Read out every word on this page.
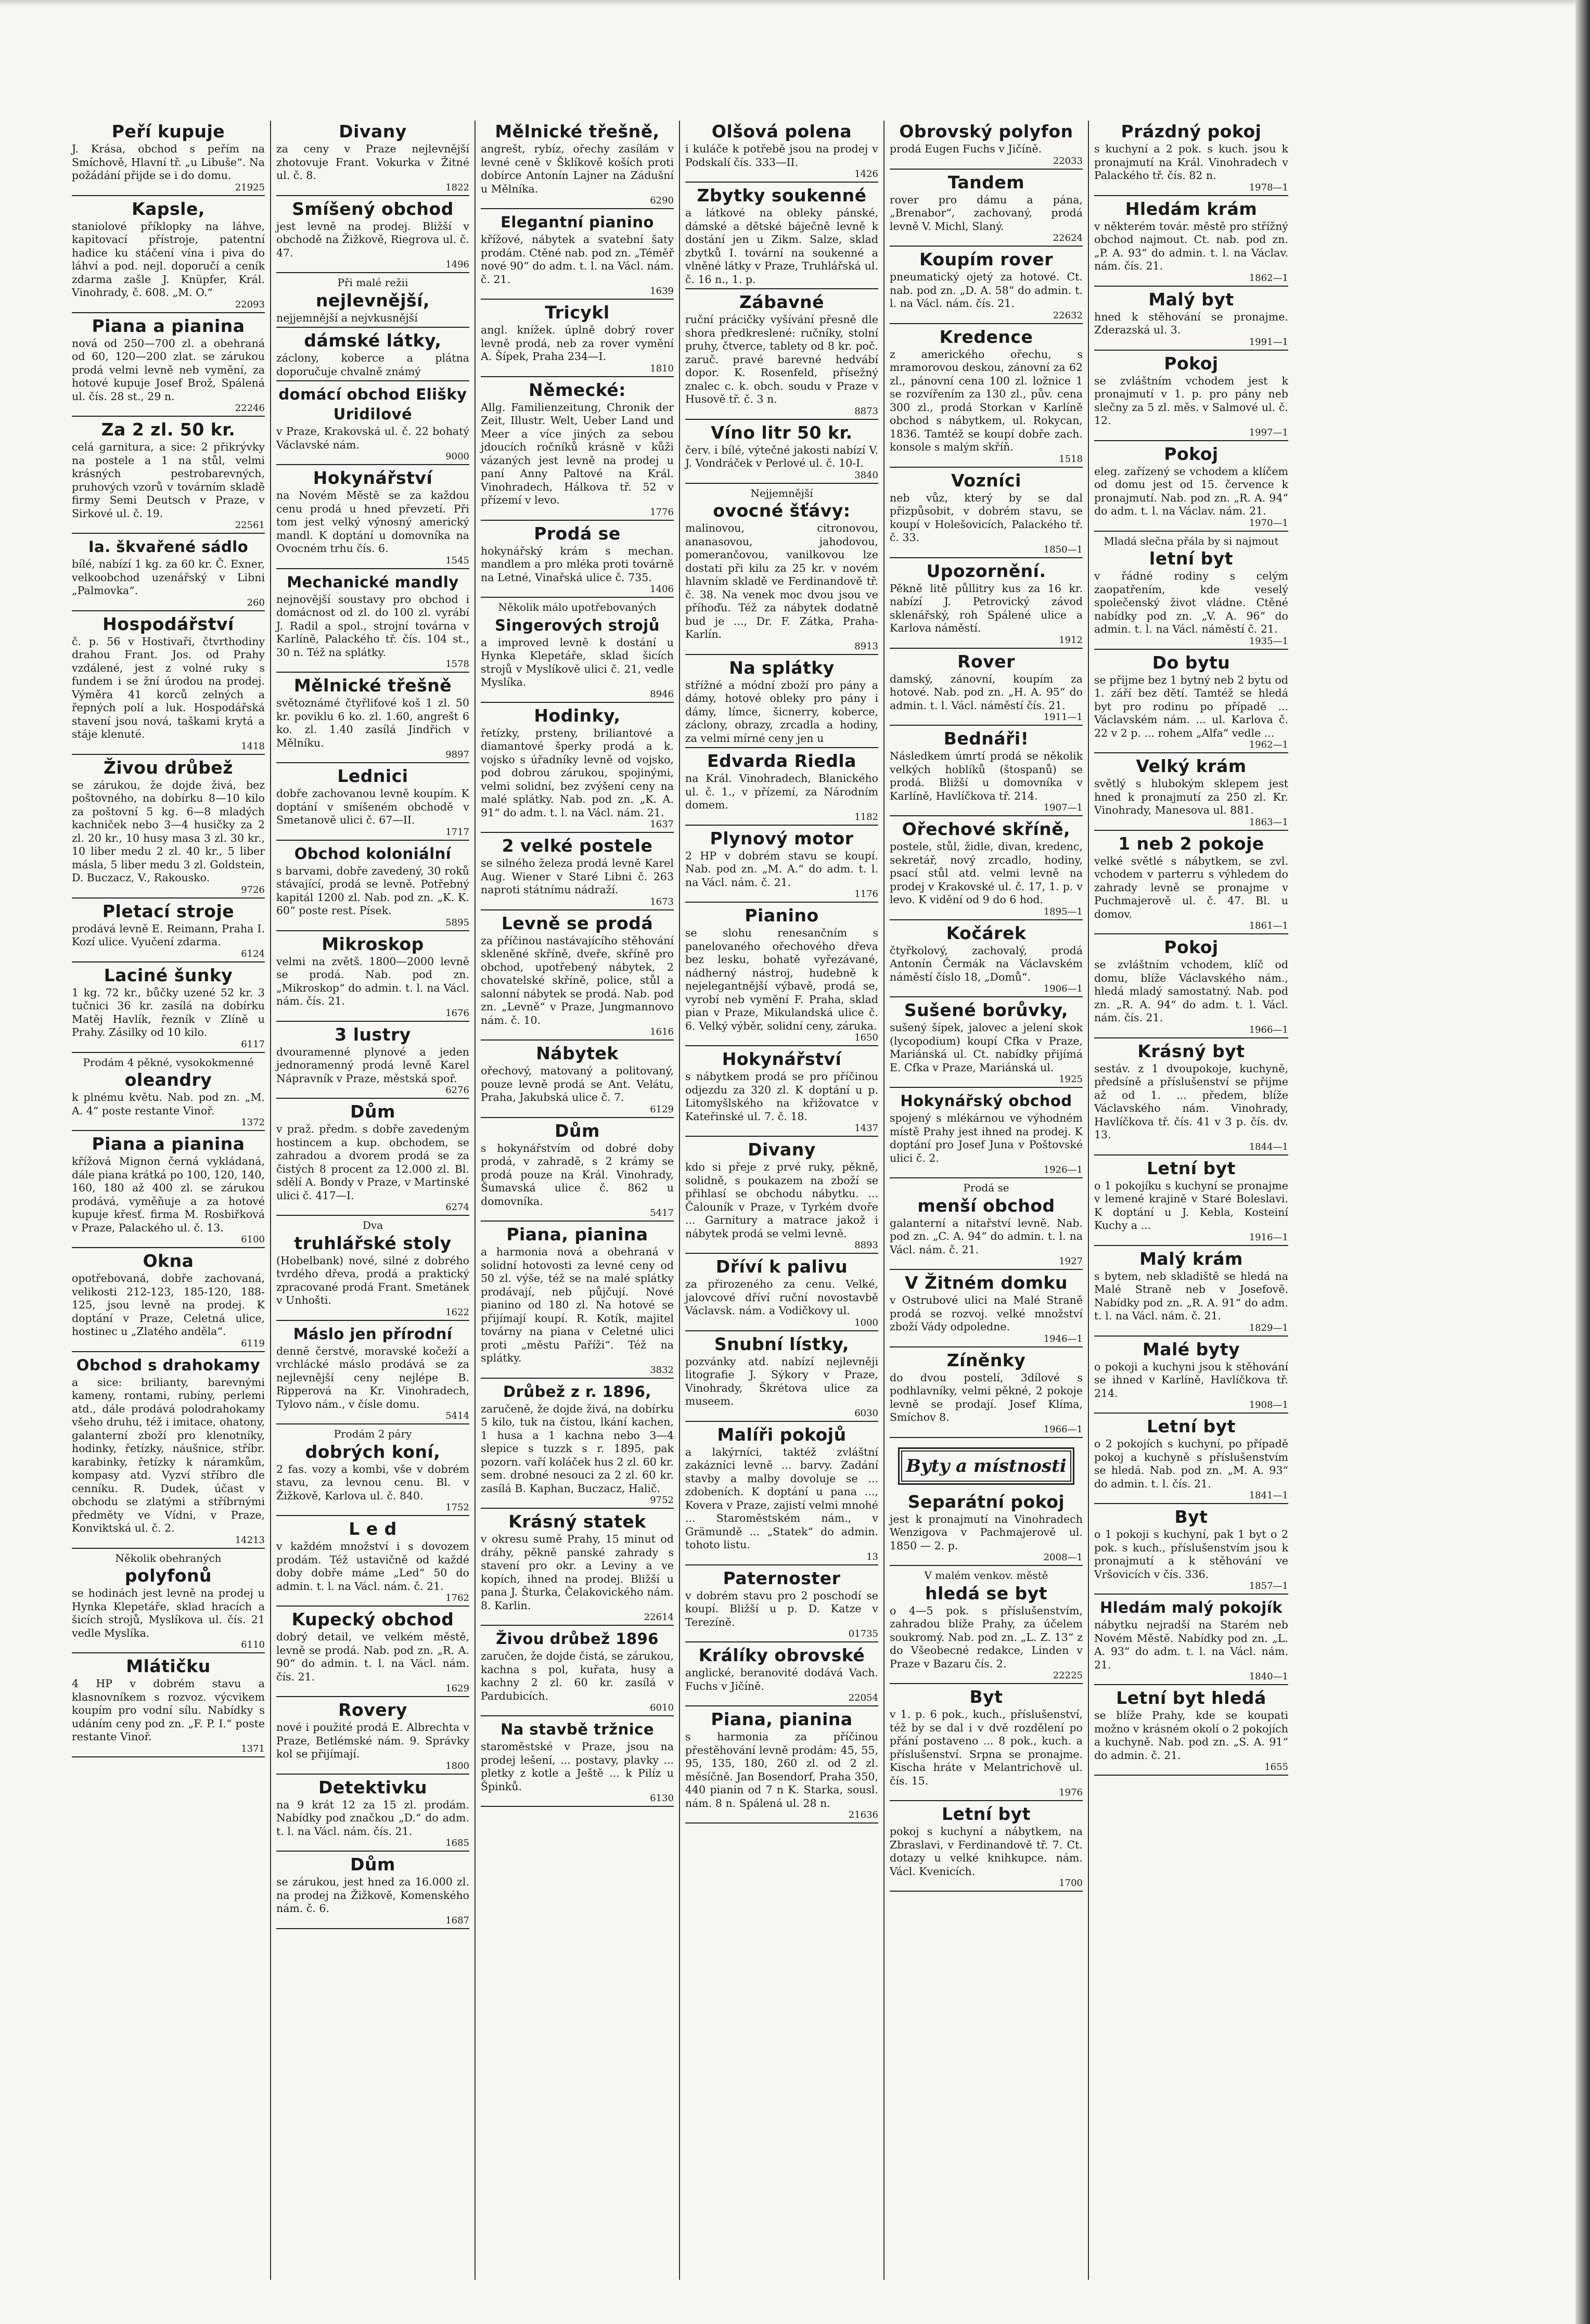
Peří kupuje
J. Krása, obchod s peřím na Smíchově, Hlavní tř. „u Libuše“. Na požádání přijde se i do domu.
21925
Kapsle,
staniolové příklopky na láhve, kapitovací přístroje, patentní hadice ku stáčení vína i piva do láhví a pod. nejl. doporučí a ceník zdarma zašle J. Knüpfer, Král. Vinohrady, č. 608. „M. O.“
22093
Piana a pianina
nová od 250—700 zl. a obehraná od 60, 120—200 zlat. se zárukou prodá velmi levně neb vymění, za hotové kupuje Josef Brož, Spálená ul. čís. 28 st., 29 n.
22246
Za 2 zl. 50 kr.
celá garnitura, a sice: 2 přikrývky na postele a 1 na stůl, velmi krásných pestrobarevných, pruhových vzorů v továrním skladě firmy Semi Deutsch v Praze, v Sirkové ul. č. 19.
22561
Ia. škvařené sádlo
bílé, nabízí 1 kg. za 60 kr. Č. Exner, velkoobchod uzenářský v Libni „Palmovka“.
260
Hospodářství
č. p. 56 v Hostivaři, čtvrthodiny drahou Frant. Jos. od Prahy vzdálené, jest z volné ruky s fundem i se žní úrodou na prodej. Výměra 41 korců zelných a řepných polí a luk. Hospodářská stavení jsou nová, taškami krytá a stáje klenuté.
1418
Živou drůbež
se zárukou, že dojde živá, bez poštovného, na dobírku 8—10 kilo za poštovní 5 kg. 6—8 mladých kachniček nebo 3—4 husičky za 2 zl. 20 kr., 10 husy masa 3 zl. 30 kr., 10 liber medu 2 zl. 40 kr., 5 liber másla, 5 liber medu 3 zl. Goldstein, D. Buczacz, V., Rakousko.
9726
Pletací stroje
prodává levně E. Reimann, Praha I. Kozí ulice. Vyučení zdarma.
6124
Laciné šunky
1 kg. 72 kr., bůčky uzené 52 kr. 3 tučnici 36 kr. zasílá na dobírku Matěj Havlík, řezník v Zlíně u Prahy. Zásilky od 10 kilo.
6117
Prodám 4 pěkné, vysokokmenné
oleandry
k plnému květu. Nab. pod zn. „M. A. 4“ poste restante Vinoř.
1372
Piana a pianina
křížová Mignon černá vykládaná, dále piana krátká po 100, 120, 140, 160, 180 až 400 zl. se zárukou prodává, vyměňuje a za hotové kupuje křesť. firma M. Rosbiřková v Praze, Palackého ul. č. 13.
6100
Okna
opotřebovaná, dobře zachovaná, velikosti 212-123, 185-120, 188-125, jsou levně na prodej. K doptání v Praze, Celetná ulice, hostinec u „Zlatého anděla“.
6119
Obchod s drahokamy
a sice: brilianty, barevnými kameny, rontami, rubíny, perlemi atd., dále prodává polodrahokamy všeho druhu, též i imitace, ohatony, galanterní zboží pro klenotníky, hodinky, řetízky, náušnice, stříbr. karabinky, řetízky k náramkům, kompasy atd. Vyzví stříbro dle cenníku. R. Dudek, účast v obchodu se zlatými a stříbrnými předměty ve Vídni, v Praze, Konviktská ul. č. 2.
14213
Několik obehraných
polyfonů
se hodinách jest levně na prodej u Hynka Klepetáře, sklad hracích a šicích strojů, Myslíkova ul. čís. 21 vedle Myslíka.
6110
Mlátičku
4 HP v dobrém stavu a klasnovníkem s rozvoz. výcvikem koupím pro vodní sílu. Nabídky s udáním ceny pod zn. „F. P. I.“ poste restante Vinoř.
1371
Divany
za ceny v Praze nejlevnější zhotovuje Frant. Vokurka v Žitné ul. č. 8.
1822
Smíšený obchod
jest levně na prodej. Bližší v obchodě na Žižkově, Riegrova ul. č. 47.
1496
Při malé režii
nejlevnější,
nejjemnější a nejvkusnější
dámské látky,
záclony, koberce a plátna doporučuje chvalně známý
domácí obchod Elišky Uridilové
v Praze, Krakovská ul. č. 22 bohatý Václavské nám.
9000
Hokynářství
na Novém Městě se za každou cenu prodá u hned převzetí. Při tom jest velký výnosný americký mandl. K doptání u domovníka na Ovocném trhu čís. 6.
1545
Mechanické mandly
nejnovější soustavy pro obchod i domácnost od zl. do 100 zl. vyrábí J. Radil a spol., strojní továrna v Karlíně, Palackého tř. čís. 104 st., 30 n. Též na splátky.
1578
Mělnické třešně
světoznámé čtyřliťové koš 1 zl. 50 kr. poviklu 6 ko. zl. 1.60, angrešt 6 ko. zl. 1.40 zasílá Jindřich v Mělníku.
9897
Lednici
dobře zachovanou levně koupím. K doptání v smíšeném obchodě v Smetanově ulici č. 67—II.
1717
Obchod koloniální
s barvami, dobře zavedený, 30 roků stávající, prodá se levně. Potřebný kapitál 1200 zl. Nab. pod zn. „K. K. 60“ poste rest. Písek.
5895
Mikroskop
velmi na zvětš. 1800—2000 levně se prodá. Nab. pod zn. „Mikroskop“ do admin. t. l. na Václ. nám. čís. 21.
1676
3 lustry
dvouramenné plynové a jeden jednoramenný prodá levně Karel Nápravník v Praze, městská spoř.
6276
Dům
v praž. předm. s dobře zavedeným hostincem a kup. obchodem, se zahradou a dvorem prodá se za čistých 8 procent za 12.000 zl. Bl. sdělí A. Bondy v Praze, v Martinské ulici č. 417—I.
6274
Dva
truhlářské stoly
(Hobelbank) nové, silné z dobrého tvrdého dřeva, prodá a praktický zpracované prodá Frant. Smetánek v Unhošti.
1622
Máslo jen přírodní
denně čerstvé, moravské kočeží a vrchlácké máslo prodává se za nejlevnější ceny nejlépe B. Ripperová na Kr. Vinohradech, Tylovo nám., v čísle domu.
5414
Prodám 2 páry
dobrých koní,
2 fas. vozy a kombi, vše v dobrém stavu, za levnou cenu. Bl. v Žižkově, Karlova ul. č. 840.
1752
L e d
v každém množství i s dovozem prodám. Též ustavičně od každé doby dobře máme „Led“ 50 do admin. t. l. na Václ. nám. č. 21.
1762
Kupecký obchod
dobrý detail, ve velkém městě, levně se prodá. Nab. pod zn. „R. A. 90“ do admin. t. l. na Václ. nám. čís. 21.
1629
Rovery
nové i použité prodá E. Albrechta v Praze, Betlémské nám. 9. Správky kol se přijímají.
1800
Detektivku
na 9 krát 12 za 15 zl. prodám. Nabídky pod značkou „D.“ do adm. t. l. na Václ. nám. čís. 21.
1685
Dům
se zárukou, jest hned za 16.000 zl. na prodej na Žižkově, Komenského nám. č. 6.
1687
Mělnické třešně,
angrešt, rybíz, ořechy zasílám v levné ceně v Šklíkově koších proti dobírce Antonín Lajner na Zádušní u Mělníka.
6290
Elegantní pianino
křížové, nábytek a svatební šaty prodám. Ctěné nab. pod zn. „Téměř nové 90“ do adm. t. l. na Václ. nám. č. 21.
1639
Tricykl
angl. knížek. úplně dobrý rover levně prodá, neb za rover vymění A. Šípek, Praha 234—I.
1810
Německé:
Allg. Familienzeitung, Chronik der Zeit, Illustr. Welt, Ueber Land und Meer a více jiných za sebou jdoucích ročníků krásně v kůži vázaných jest levně na prodej u paní Anny Paltové na Král. Vinohradech, Hálkova tř. 52 v přízemí v levo.
1776
Prodá se
hokynářský krám s mechan. mandlem a pro mléka proti továrně na Letné, Vinařská ulice č. 735.
1406
Několik málo upotřebovaných
Singerových strojů
a improved levně k dostání u Hynka Klepetáře, sklad šicích strojů v Myslíkově ulici č. 21, vedle Myslíka.
8946
Hodinky,
řetízky, prsteny, briliantové a diamantové šperky prodá a k. vojsko s úřadníky levně od vojsko, pod dobrou zárukou, spojinými, velmi solidní, bez zvýšení ceny na malé splátky. Nab. pod zn. „K. A. 91“ do adm. t. l. na Václ. nám. 21.
1637
2 velké postele
se silného železa prodá levně Karel Aug. Wiener v Staré Libni č. 263 naproti státnímu nádraží.
1673
Levně se prodá
za příčinou nastávajícího stěhování skleněné skříně, dveře, skříně pro obchod, upotřebený nábytek, 2 chovatelské skříně, police, stůl a salonní nábytek se prodá. Nab. pod zn. „Levně“ v Praze, Jungmannovo nám. č. 10.
1616
Nábytek
ořechový, matovaný a politovaný, pouze levně prodá se Ant. Velátu, Praha, Jakubská ulice č. 7.
6129
Dům
s hokynářstvím od dobré doby prodá, v zahradě, s 2 krámy se prodá pouze na Král. Vinohrady, Šumavská ulice č. 862 u domovníka.
5417
Piana, pianina
a harmonia nová a obehraná v solidní hotovosti za levné ceny od 50 zl. výše, též se na malé splátky prodávají, neb půjčují. Nové pianino od 180 zl. Na hotové se přijímají koupí. R. Kotík, majitel továrny na piana v Celetné ulici proti „městu Paříži“. Též na splátky.
3832
Drůbež z r. 1896,
zaručeně, že dojde živá, na dobírku 5 kilo, tuk na čistou, lkání kachen, 1 husa a 1 kachna nebo 3—4 slepice s tuzzk s r. 1895, pak pozorn. vaří koláček hus 2 zl. 60 kr. sem. drobné nesouci za 2 zl. 60 kr. zasílá B. Kaphan, Buczacz, Halič.
9752
Krásný statek
v okresu sumě Prahy, 15 minut od dráhy, pěkně panské zahrady s stavení pro okr. a Leviny a ve kopích, ihned na prodej. Bližší u pana J. Šturka, Čelakovického nám. 8. Karlin.
22614
Živou drůbež 1896
zaručen, že dojde čistá, se zárukou, kachna s pol, kuřata, husy a kachny 2 zl. 60 kr. zasílá v Pardubicích.
6010
Na stavbě tržnice
staroměstské v Praze, jsou na prodej lešení, ... postavy, plavky ... pletky z kotle a Ještě ... k Pilíz u Špinků.
6130
Olšová polena
i kuláče k potřebě jsou na prodej v Podskalí čís. 333—II.
1426
Zbytky soukenné
a látkové na obleky pánské, dámské a dětské báječně levně k dostání jen u Zikm. Salze, sklad zbytků I. tovární na soukenné a vlněné látky v Praze, Truhlářská ul. č. 16 n., 1. p.
Zábavné
ruční prácičky vyšívání přesně dle shora předkreslené: ručníky, stolní pruhy, čtverce, tablety od 8 kr. poč. zaruč. pravé barevné hedvábí dopor. K. Rosenfeld, přísežný znalec c. k. obch. soudu v Praze v Husově tř. č. 3 n.
8873
Víno litr 50 kr.
červ. i bílé, výtečné jakosti nabízí V. J. Vondráček v Perlové ul. č. 10-I.
3840
Nejjemnější
ovocné šťávy:
malinovou, citronovou, ananasovou, jahodovou, pomerančovou, vanilkovou lze dostati při kilu za 25 kr. v novém hlavním skladě ve Ferdinandově tř. č. 38. Na venek moc dvou jsou ve příhoďu. Též za nábytek dodatně bud je ..., Dr. F. Zátka, Praha-Karlín.
8913
Na splátky
střížné a módní zboží pro pány a dámy, hotové obleky pro pány i dámy, límce, šicnerry, koberce, záclony, obrazy, zrcadla a hodiny, za velmi mírné ceny jen u
Edvarda Riedla
na Král. Vinohradech, Blanického ul. č. 1., v přízemí, za Národním domem.
1182
Plynový motor
2 HP v dobrém stavu se koupí. Nab. pod zn. „M. A.“ do adm. t. l. na Václ. nám. č. 21.
1176
Pianino
se slohu renesančním s panelovaného ořechového dřeva bez lesku, bohatě vyřezávané, nádherný nástroj, hudebně k nejelegantnější výbavě, prodá se, vyrobí neb vymění F. Praha, sklad pian v Praze, Mikulandská ulice č. 6. Velký výběr, solidní ceny, záruka.
1650
Hokynářství
s nábytkem prodá se pro příčinou odjezdu za 320 zl. K doptání u p. Litomyšlského na křižovatce v Kateřinské ul. 7. č. 18.
1437
Divany
kdo si přeje z prvé ruky, pěkně, solidně, s poukazem na zboží se přihlasí se obchodu nábytku. ... Čalouník v Praze, v Tyrkém dvoře ... Garnitury a matrace jakož i nábytek prodá se velmi levně.
8893
Dříví k palivu
za přirozeného za cenu. Velké, jalovcové dříví ruční novostavbě Václavsk. nám. a Vodičkovy ul.
1000
Snubní lístky,
pozvánky atd. nabízí nejlevněji litografie J. Sýkory v Praze, Vinohrady, Škrétova ulice za museem.
6030
Malíři pokojů
a lakýrníci, taktéž zvláštní zakázníci levně ... barvy. Zadání stavby a malby dovoluje se ... zdobeních. K doptání u pana ..., Kovera v Praze, zajistí velmi mnohé ... Staroměstském nám., v Grämundě ... „Statek“ do admin. tohoto listu.
13
Paternoster
v dobrém stavu pro 2 poschodí se koupí. Bližší u p. D. Katze v Terezíně.
01735
Králíky obrovské
anglické, beranovité dodává Vach. Fuchs v Jičíně.
22054
Piana, pianina
s harmonia za příčinou přestěhování levně prodám: 45, 55, 95, 135, 180, 260 zl. od 2 zl. měsíčně. Jan Bosendorf, Praha 350, 440 pianin od 7 n K. Starka, sousl. nám. 8 n. Spálená ul. 28 n.
21636
Obrovský polyfon
prodá Eugen Fuchs v Jičíně.
22033
Tandem
rover pro dámu a pána, „Brenabor“, zachovaný, prodá levně V. Michl, Slaný.
22624
Koupím rover
pneumatický ojetý za hotové. Ct. nab. pod zn. „D. A. 58“ do admin. t. l. na Václ. nám. čís. 21.
22632
Kredence
z amerického ořechu, s mramorovou deskou, zánovní za 62 zl., pánovní cena 100 zl. ložnice 1 se rozvířením za 130 zl., pův. cena 300 zl., prodá Storkan v Karlíně obchod s nábytkem, ul. Rokycan, 1836. Tamtéž se koupí dobře zach. konsole s malým skříň.
1518
Vozníci
neb vůz, který by se dal přizpůsobit, v dobrém stavu, se koupí v Holešovicích, Palackého tř. č. 33.
1850—1
Upozornění.
Pěkně litě půllitry kus za 16 kr. nabízí J. Petrovický závod sklenářský, roh Spálené ulice a Karlova náměstí.
1912
Rover
damský, zánovní, koupím za hotové. Nab. pod zn. „H. A. 95“ do admin. t. l. Václ. náměstí čís. 21.
1911—1
Bednáři!
Následkem úmrtí prodá se několik velkých hoblíků (štospanů) se prodá. Bližší u domovníka v Karlíně, Havlíčkova tř. 214.
1907—1
Ořechové skříně,
postele, stůl, židle, divan, kredenc, sekretář, nový zrcadlo, hodiny, psací stůl atd. velmi levně na prodej v Krakovské ul. č. 17, 1. p. v levo. K vidění od 9 do 6 hod.
1895—1
Kočárek
čtyřkolový, zachovalý, prodá Antonín Čermák na Václavském náměstí číslo 18, „Domů“.
1906—1
Sušené borůvky,
sušený šípek, jalovec a jelení skok (lycopodium) koupí Cfka v Praze, Mariánská ul. Ct. nabídky přijímá E. Cfka v Praze, Mariánská ul.
1925
Hokynářský obchod
spojený s mlékárnou ve výhodném místě Prahy jest ihned na prodej. K doptání pro Josef Juna v Poštovské ulici č. 2.
1926—1
Prodá se
menší obchod
galanterní a nitařství levně. Nab. pod zn. „C. A. 94“ do admin. t. l. na Václ. nám. č. 21.
1927
V Žitném domku
v Ostrubové ulici na Malé Straně prodá se rozvoj. velké množství zboží Vády odpoledne.
1946—1
Zíněnky
do dvou postelí, 3dílové s podhlavníky, velmi pěkné, 2 pokoje levně se prodají. Josef Klíma, Smíchov 8.
1966—1
Byty a místnosti
Separátní pokoj
jest k pronajmutí na Vinohradech Wenzigova v Pachmajerově ul. 1850 — 2. p.
2008—1
V malém venkov. městě
hledá se byt
o 4—5 pok. s příslušenstvím, zahradou blíže Prahy, za účelem soukromý. Nab. pod zn. „L. Z. 13“ z do Všeobecné redakce, Linden v Praze v Bazaru čís. 2.
22225
Byt
v 1. p. 6 pok., kuch., příslušenství, též by se dal i v dvě rozdělení po přání postaveno ... 8 pok., kuch. a příslušenství. Srpna se pronajme. Kischa hráte v Melantrichově ul. čís. 15.
1976
Letní byt
pokoj s kuchyní a nábytkem, na Zbraslavi, v Ferdinandově tř. 7. Ct. dotazy u velké knihkupce. nám. Václ. Kvenicích.
1700
Prázdný pokoj
s kuchyní a 2 pok. s kuch. jsou k pronajmutí na Král. Vinohradech v Palackého tř. čís. 82 n.
1978—1
Hledám krám
v některém továr. městě pro střížný obchod najmout. Ct. nab. pod zn. „P. A. 93“ do admin. t. l. na Václav. nám. čís. 21.
1862—1
Malý byt
hned k stěhování se pronajme. Zderazská ul. 3.
1991—1
Pokoj
se zvláštním vchodem jest k pronajmutí v 1. p. pro pány neb slečny za 5 zl. měs. v Salmové ul. č. 12.
1997—1
Pokoj
eleg. zařízený se vchodem a klíčem od domu jest od 15. července k pronajmutí. Nab. pod zn. „R. A. 94“ do adm. t. l. na Václav. nám. 21.
1970—1
Mladá slečna přála by si najmout
letní byt
v řádné rodiny s celým zaopatřením, kde veselý společenský život vládne. Ctěné nabídky pod zn. „V. A. 96“ do admin. t. l. na Václ. náměstí č. 21.
1935—1
Do bytu
se přijme bez 1 bytný neb 2 bytu od 1. září bez dětí. Tamtéž se hledá byt pro rodinu po případě ... Václavském nám. ... ul. Karlova č. 22 v 2 p. ... rohem „Alfa“ vedle ...
1962—1
Velký krám
světlý s hlubokým sklepem jest hned k pronajmutí za 250 zl. Kr. Vinohrady, Manesova ul. 881.
1863—1
1 neb 2 pokoje
velké světlé s nábytkem, se zvl. vchodem v parterru s výhledem do zahrady levně se pronajme v Puchmajerově ul. č. 47. Bl. u domov.
1861—1
Pokoj
se zvláštním vchodem, klíč od domu, blíže Václavského nám., hledá mladý samostatný. Nab. pod zn. „R. A. 94“ do adm. t. l. Václ. nám. čís. 21.
1966—1
Krásný byt
sestáv. z 1 dvoupokoje, kuchyně, předsíně a příslušenství se přijme až od 1. ... předem, blíže Václavského nám. Vinohrady, Havlíčkova tř. čís. 41 v 3 p. čís. dv. 13.
1844—1
Letní byt
o 1 pokojíku s kuchyní se pronajme v lemené krajině v Staré Boleslavi. K doptání u J. Kebla, Kosteiní Kuchy a ...
1916—1
Malý krám
s bytem, neb skladiště se hledá na Malé Straně neb v Josefově. Nabídky pod zn. „R. A. 91“ do adm. t. l. na Václ. nám. č. 21.
1829—1
Malé byty
o pokoji a kuchyni jsou k stěhování se ihned v Karlíně, Havlíčkova tř. 214.
1908—1
Letní byt
o 2 pokojích s kuchyní, po případě pokoj a kuchyně s příslušenstvím se hledá. Nab. pod zn. „M. A. 93“ do admin. t. l. čís. 21.
1841—1
Byt
o 1 pokoji s kuchyní, pak 1 byt o 2 pok. s kuch., příslušenstvím jsou k pronajmutí a k stěhování ve Vršovicích v čís. 336.
1857—1
Hledám malý pokojík
nábytku nejradší na Starém neb Novém Městě. Nabídky pod zn. „L. A. 93“ do adm. t. l. na Václ. nám. 21.
1840—1
Letní byt hledá
se blíže Prahy, kde se koupati možno v krásném okolí o 2 pokojích a kuchyně. Nab. pod zn. „S. A. 91“ do admin. č. 21.
1655
